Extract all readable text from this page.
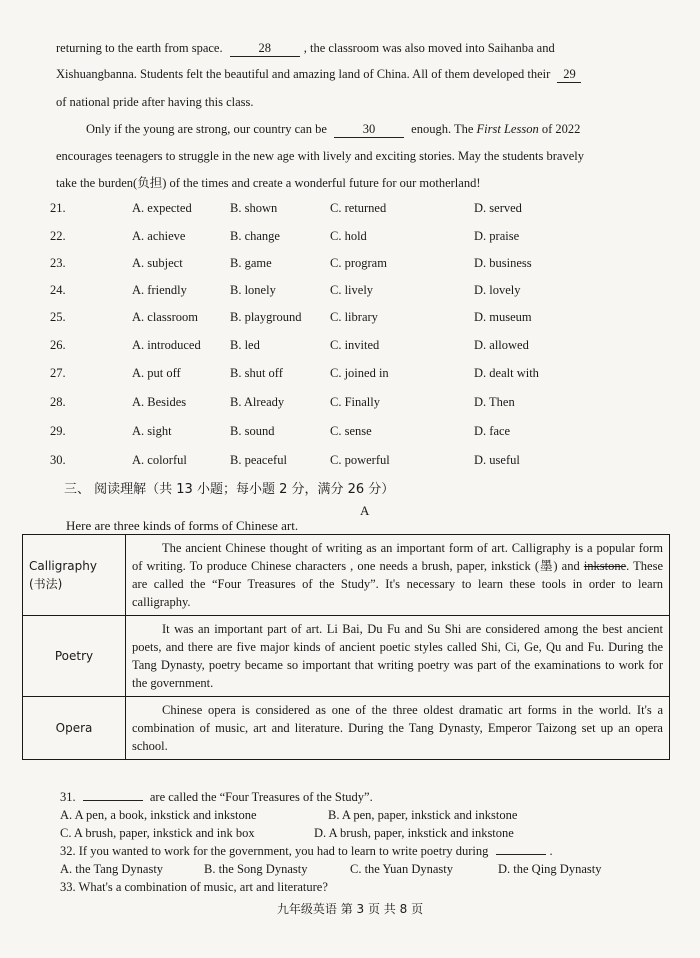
returning to the earth from space.	28	, the classroom was also moved into Saihanba and
Xishuangbanna. Students felt the beautiful and amazing land of China. All of them developed their 29
of national pride after having this class.
Only if the young are strong, our country can be	30	enough. The First Lesson of 2022
encourages teenagers to struggle in the new age with lively and exciting stories. May the students bravely
take the burden(负担) of the times and create a wonderful future for our motherland!
21.	A. expected	B. shown	C. returned	D. served
22.	A. achieve	B. change	C. hold	D. praise
23.	A. subject	B. game	C. program	D. business
24.	A. friendly	B. lonely	C. lively	D. lovely
25.	A. classroom	B. playground C. library	D. museum
26.	A. introduced B. led	C. invited	D. allowed
27.	A. put off	B. shut off	C. joined in	D. dealt with
28.	A. Besides	B. Already	C. Finally	D. Then
29.	A. sight	B. sound	C. sense	D. face
30.	A. colorful	B. peaceful	C. powerful	D. useful
三、 阅读理解（共 13 小题；每小题 2 分，满分 26 分）
A
Here are three kinds of forms of Chinese art.
Calligraphy
(书法)	The ancient Chinese thought of writing as an important form of art. Calligraphy is a popular form of writing. To produce Chinese characters , one needs a brush, paper, inkstick (墨) and inkstone. These are called the “Four Treasures of the Study”. It's necessary to learn these tools in order to learn calligraphy.
Poetry	It was an important part of art. Li Bai, Du Fu and Su Shi are considered among the best ancient poets, and there are five major kinds of ancient poetic styles called Shi, Ci, Ge, Qu and Fu. During the Tang Dynasty, poetry became so important that writing poetry was part of the examinations to work for the government.
Opera	Chinese opera is considered as one of the three oldest dramatic art forms in the world. It's a combination of music, art and literature. During the Tang Dynasty, Emperor Taizong set up an opera school.
31.	are called the “Four Treasures of the Study”.
A. A pen, a book, inkstick and inkstone	B. A pen, paper, inkstick and inkstone
C. A brush, paper, inkstick and ink box	D. A brush, paper, inkstick and inkstone
32. If you wanted to work for the government, you had to learn to write poetry during	.
A. the Tang Dynasty	B. the Song Dynasty	C. the Yuan Dynasty	D. the Qing Dynasty
33. What's a combination of music, art and literature?
九年级英语 第 3 页 共 8 页
